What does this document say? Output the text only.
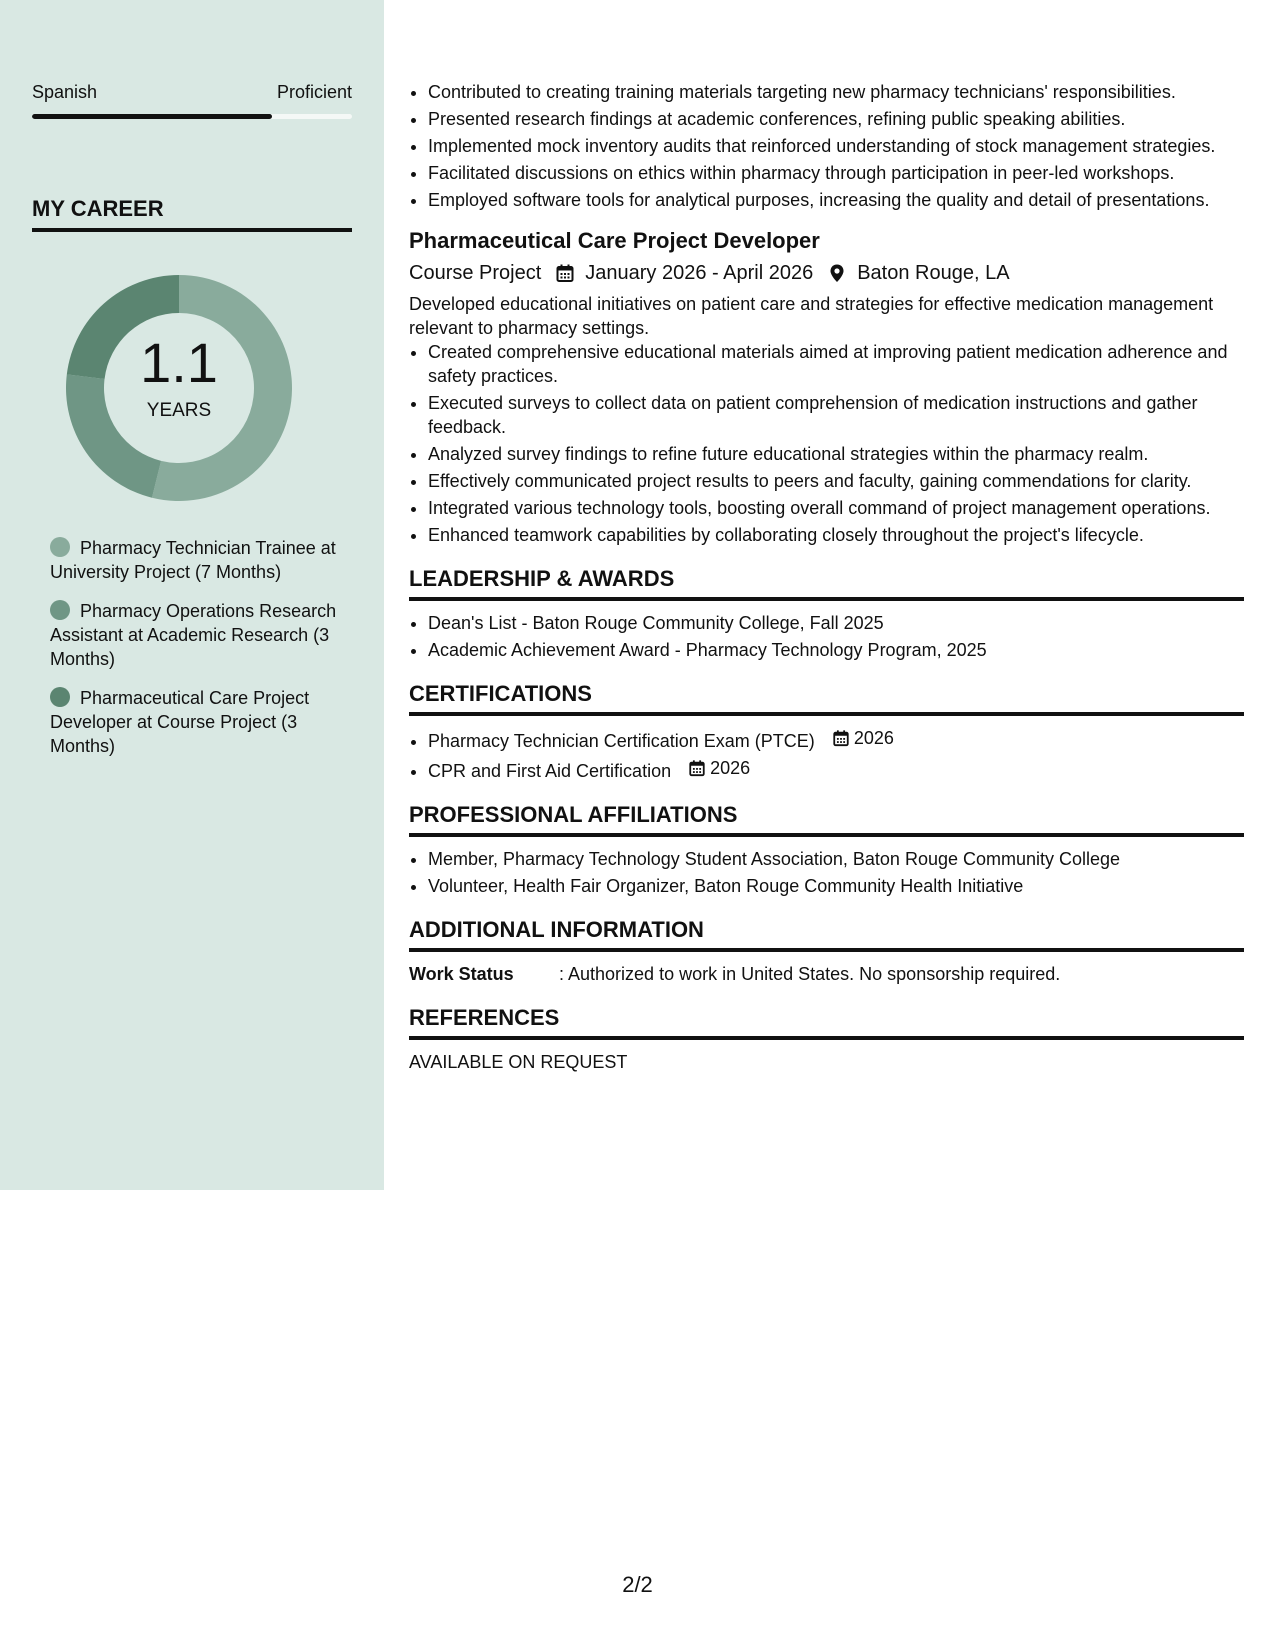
Spanish	Proficient
MY CAREER
1.1
YEARS
Pharmacy Technician Trainee at University Project (7 Months)
Pharmacy Operations Research Assistant at Academic Research (3 Months)
Pharmaceutical Care Project Developer at Course Project (3 Months)
• Contributed to creating training materials targeting new pharmacy technicians' responsibilities.
• Presented research findings at academic conferences, refining public speaking abilities.
• Implemented mock inventory audits that reinforced understanding of stock management strategies.
• Facilitated discussions on ethics within pharmacy through participation in peer-led workshops.
• Employed software tools for analytical purposes, increasing the quality and detail of presentations.
Pharmaceutical Care Project Developer
Course Project January 2026 - April 2026 Baton Rouge, LA
Developed educational initiatives on patient care and strategies for effective medication management relevant to pharmacy settings.
• Created comprehensive educational materials aimed at improving patient medication adherence and safety practices.
• Executed surveys to collect data on patient comprehension of medication instructions and gather feedback.
• Analyzed survey findings to refine future educational strategies within the pharmacy realm.
• Effectively communicated project results to peers and faculty, gaining commendations for clarity.
• Integrated various technology tools, boosting overall command of project management operations.
• Enhanced teamwork capabilities by collaborating closely throughout the project's lifecycle.
LEADERSHIP & AWARDS
• Dean's List - Baton Rouge Community College, Fall 2025
• Academic Achievement Award - Pharmacy Technology Program, 2025
CERTIFICATIONS
• Pharmacy Technician Certification Exam (PTCE) 2026
• CPR and First Aid Certification 2026
PROFESSIONAL AFFILIATIONS
• Member, Pharmacy Technology Student Association, Baton Rouge Community College
• Volunteer, Health Fair Organizer, Baton Rouge Community Health Initiative
ADDITIONAL INFORMATION
Work Status	: Authorized to work in United States. No sponsorship required.
REFERENCES
AVAILABLE ON REQUEST
2/2
